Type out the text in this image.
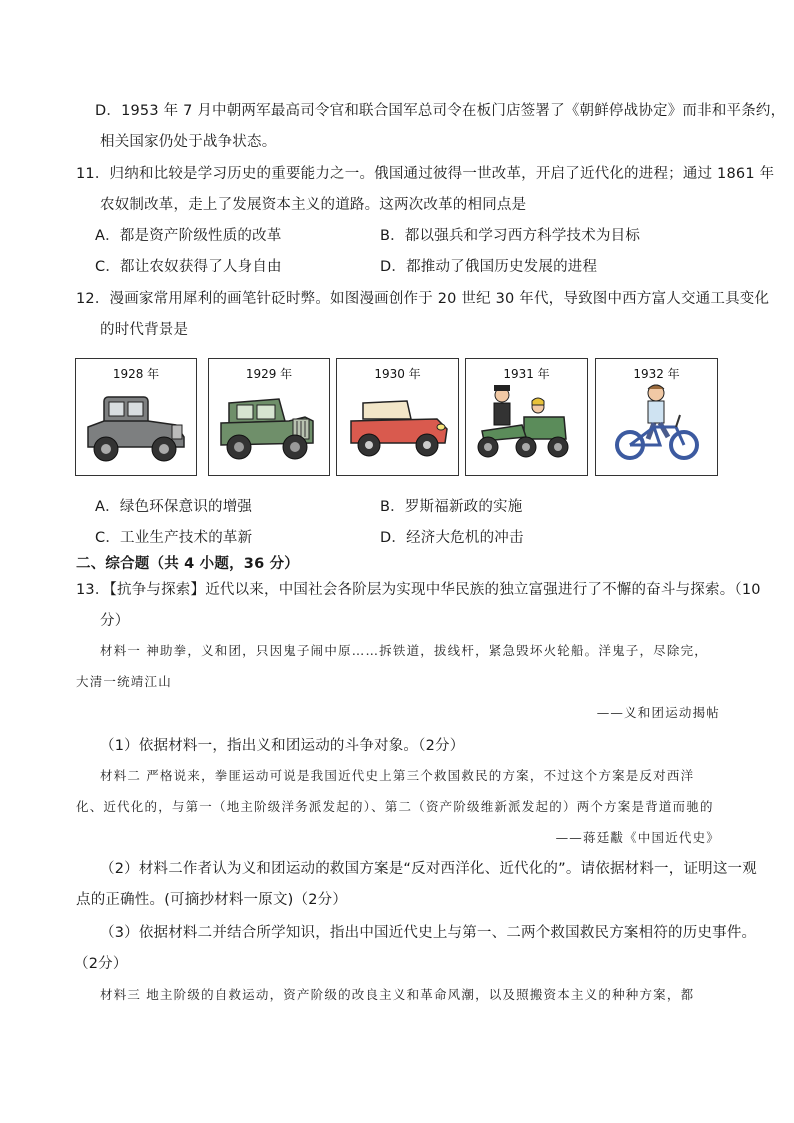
D．1953 年 7 月中朝两军最高司令官和联合国军总司令在板门店签署了《朝鲜停战协定》而非和平条约，
相关国家仍处于战争状态。
11．归纳和比较是学习历史的重要能力之一。俄国通过彼得一世改革，开启了近代化的进程；通过 1861 年
农奴制改革，走上了发展资本主义的道路。这两次改革的相同点是
A．都是资产阶级性质的改革	B．都以强兵和学习西方科学技术为目标
C．都让农奴获得了人身自由	D．都推动了俄国历史发展的进程
12．漫画家常用犀利的画笔针砭时弊。如图漫画创作于 20 世纪 30 年代，导致图中西方富人交通工具变化
的时代背景是
1928 年	1929 年	1930 年	1931 年	1932 年
A．绿色环保意识的增强	B．罗斯福新政的实施
C．工业生产技术的革新	D．经济大危机的冲击
二、综合题（共 4 小题，36 分）
13．【抗争与探索】近代以来，中国社会各阶层为实现中华民族的独立富强进行了不懈的奋斗与探索。（10
分）
材料一 神助拳，义和团，只因鬼子闹中原……拆铁道，拔线杆，紧急毁坏火轮船。洋鬼子，尽除完，
大清一统靖江山
——义和团运动揭帖
（1）依据材料一，指出义和团运动的斗争对象。（2分）
材料二 严格说来，拳匪运动可说是我国近代史上第三个救国救民的方案，不过这个方案是反对西洋
化、近代化的，与第一（地主阶级洋务派发起的）、第二（资产阶级维新派发起的）两个方案是背道而驰的
——蒋廷黻《中国近代史》
（2）材料二作者认为义和团运动的救国方案是“反对西洋化、近代化的”。请依据材料一，证明这一观
点的正确性。(可摘抄材料一原文)（2分）
（3）依据材料二并结合所学知识，指出中国近代史上与第一、二两个救国救民方案相符的历史事件。
（2分）
材料三 地主阶级的自救运动，资产阶级的改良主义和革命风潮，以及照搬资本主义的种种方案，都
